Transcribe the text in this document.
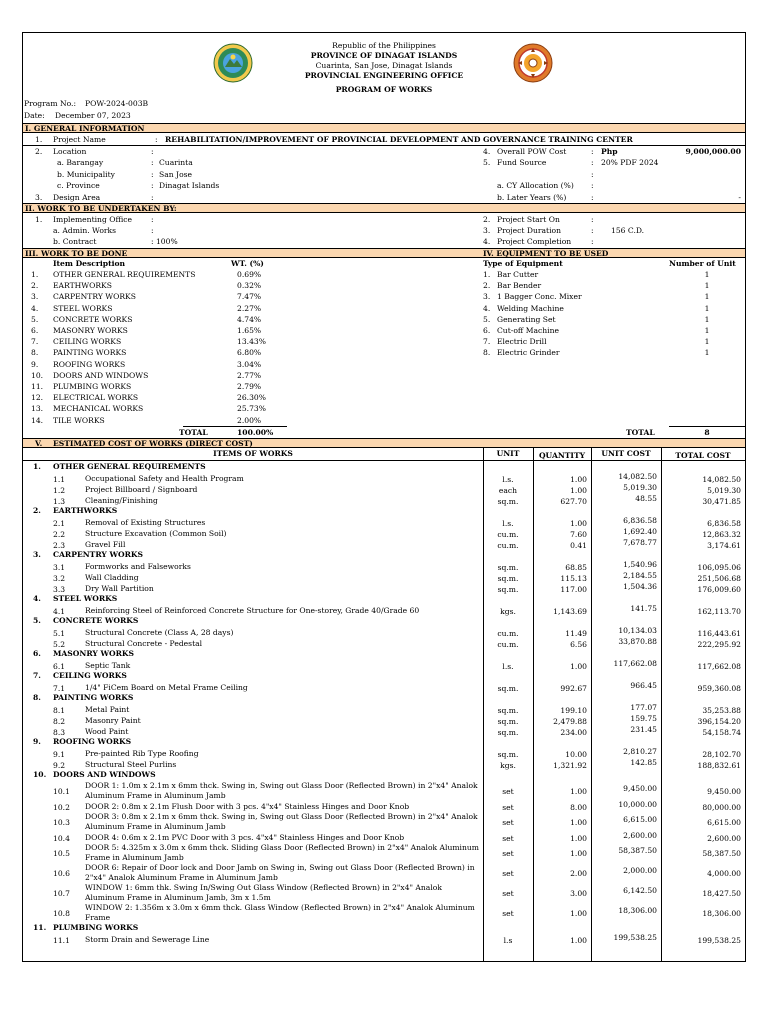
Republic of the Philippines
PROVINCE OF DINAGAT ISLANDS
Cuarinta, San Jose, Dinagat Islands
PROVINCIAL ENGINEERING OFFICE
PROGRAM OF WORKS
Program No.: POW-2024-003B
Date: December 07, 2023
I. GENERAL INFORMATION
1. Project Name	: REHABILITATION/IMPROVEMENT OF PROVINCIAL DEVELOPMENT AND GOVERNANCE TRAINING CENTER
2. Location	:
a. Barangay	: Cuarinta
b. Municipality	: San Jose
c. Province	: Dinagat Islands
3. Design Area	:
4. Overall POW Cost	: Php	9,000,000.00
5. Fund Source	: 20% PDF 2024
:
a. CY Allocation (%) :
b. Later Years (%)	:	-
II. WORK TO BE UNDERTAKEN BY:
1. Implementing Office :
a. Admin. Works	:
b. Contract	: 100%
2. Project Start On	:
3. Project Duration	: 156 C.D.
4. Project Completion	:
III. WORK TO BE DONE	IV. EQUIPMENT TO BE USED
Item Description	WT. (%)	Type of Equipment	Number of Unit
1. OTHER GENERAL REQUIREMENTS	0.69%
2. EARTHWORKS	0.32%
3. CARPENTRY WORKS	7.47%
4. STEEL WORKS	2.27%
5. CONCRETE WORKS	4.74%
6. MASONRY WORKS	1.65%
7. CEILING WORKS	13.43%
8. PAINTING WORKS	6.80%
9. ROOFING WORKS	3.04%
10. DOORS AND WINDOWS	2.77%
11. PLUMBING WORKS	2.79%
12. ELECTRICAL WORKS	26.30%
13. MECHANICAL WORKS	25.73%
14. TILE WORKS	2.00%
1. Bar Cutter	1
2. Bar Bender	1
3. 1 Bagger Conc. Mixer	1
4. Welding Machine	1
5. Generating Set	1
6. Cut-off Machine	1
7. Electric Drill	1
8. Electric Grinder	1
TOTAL	100.00%	TOTAL	8
V. ESTIMATED COST OF WORKS (DIRECT COST)
ITEMS OF WORKS	UNIT	QUANTITY	UNIT COST	TOTAL COST
1. OTHER GENERAL REQUIREMENTS
1.1	Occupational Safety and Health Program	l.s.	1.00	14,082.50	14,082.50
1.2	Project Billboard / Signboard	each	1.00	5,019.30	5,019.30
1.3	Cleaning/Finishing	sq.m.	627.70	48.55	30,471.85
2. EARTHWORKS
2.1	Removal of Existing Structures	l.s.	1.00	6,836.58	6,836.58
2.2	Structure Excavation (Common Soil)	cu.m.	7.60	1,692.40	12,863.32
2.3	Gravel Fill	cu.m.	0.41	7,678.77	3,174.61
3. CARPENTRY WORKS
3.1	Formworks and Falseworks	sq.m.	68.85	1,540.96	106,095.06
3.2	Wall Cladding	sq.m.	115.13	2,184.55	251,506.68
3.3	Dry Wall Partition	sq.m.	117.00	1,504.36	176,009.60
4. STEEL WORKS
4.1	Reinforcing Steel of Reinforced Concrete Structure for One-storey, Grade 40/Grade 60	kgs.	1,143.69	141.75	162,113.70
5. CONCRETE WORKS
5.1	Structural Concrete (Class A, 28 days)	cu.m.	11.49	10,134.03	116,443.61
5.2	Structural Concrete - Pedestal	cu.m.	6.56	33,870.88	222,295.92
6. MASONRY WORKS
6.1	Septic Tank	l.s.	1.00	117,662.08	117,662.08
7. CEILING WORKS
7.1	1/4" FiCem Board on Metal Frame Ceiling	sq.m.	992.67	966.45	959,360.08
8. PAINTING WORKS
8.1	Metal Paint	sq.m.	199.10	177.07	35,253.88
8.2	Masonry Paint	sq.m.	2,479.88	159.75	396,154.20
8.3	Wood Paint	sq.m.	234.00	231.45	54,158.74
9. ROOFING WORKS
9.1	Pre-painted Rib Type Roofing	sq.m.	10.00	2,810.27	28,102.70
9.2	Structural Steel Purlins	kgs.	1,321.92	142.85	188,832.61
10. DOORS AND WINDOWS
10.1
DOOR 1: 1.0m x 2.1m x 6mm thck. Swing in, Swing out Glass Door (Reflected Brown) in 2"x4" Analok Aluminum Frame in Aluminum Jamb	set	1.00	9,450.00	9,450.00
10.2 DOOR 2: 0.8m x 2.1m Flush Door with 3 pcs. 4"x4" Stainless Hinges and Door Knob	set	8.00	10,000.00	80,000.00
10.3
DOOR 3: 0.8m x 2.1m x 6mm thck. Swing in, Swing out Glass Door (Reflected Brown) in 2"x4" Analok Aluminum Frame in Aluminum Jamb	set	1.00	6,615.00	6,615.00
10.4 DOOR 4: 0.6m x 2.1m PVC Door with 3 pcs. 4"x4" Stainless Hinges and Door Knob	set	1.00	2,600.00	2,600.00
10.5
DOOR 5: 4.325m x 3.0m x 6mm thck. Sliding Glass Door (Reflected Brown) in 2"x4" Analok Aluminum Frame in Aluminum Jamb	set	1.00	58,387.50	58,387.50
10.6
DOOR 6: Repair of Door lock and Door Jamb on Swing in, Swing out Glass Door (Reflected Brown) in 2"x4" Analok Aluminum Frame in Aluminum Jamb	set	2.00	2,000.00	4,000.00
10.7
WINDOW 1: 6mm thk. Swing In/Swing Out Glass Window (Reflected Brown) in 2"x4" Analok Aluminum Frame in Aluminum Jamb, 3m x 1.5m	set	3.00	6,142.50	18,427.50
10.8
WINDOW 2: 1.356m x 3.0m x 6mm thck. Glass Window (Reflected Brown) in 2"x4" Analok Aluminum Frame	set	1.00	18,306.00	18,306.00
11. PLUMBING WORKS
11.1 Storm Drain and Sewerage Line	l.s	1.00	199,538.25	199,538.25
